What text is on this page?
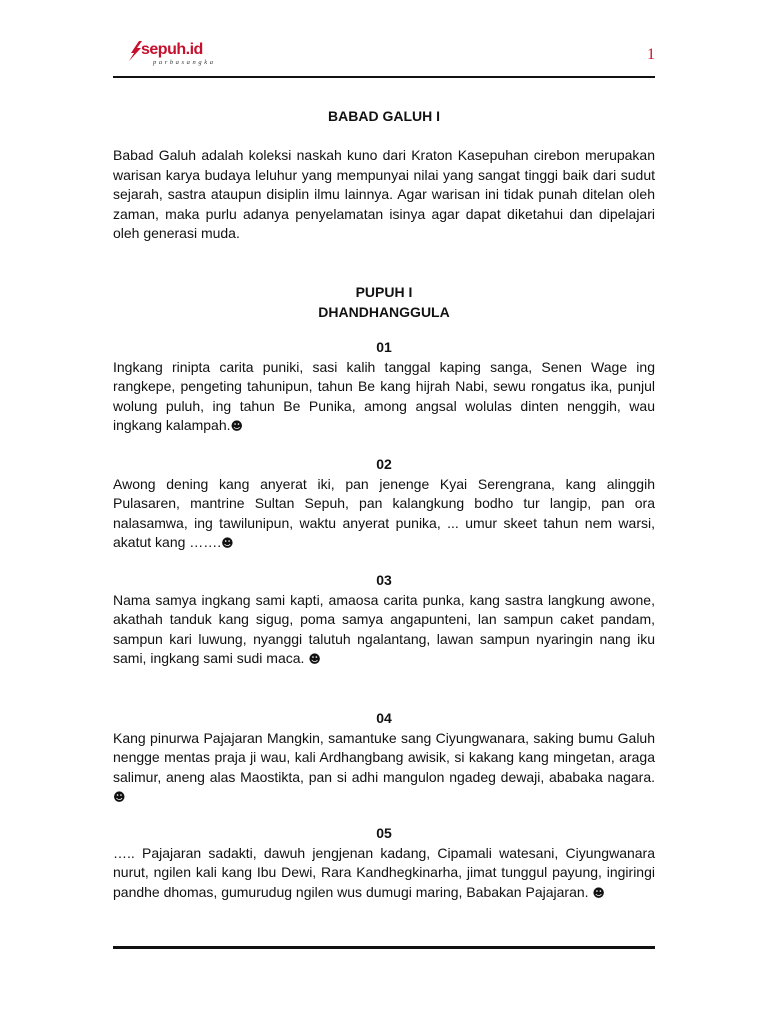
sepuh.id
parbasangka	1
BABAD GALUH I
Babad Galuh adalah koleksi naskah kuno dari Kraton Kasepuhan cirebon merupakan warisan karya budaya leluhur yang mempunyai nilai yang sangat tinggi baik dari sudut sejarah, sastra ataupun disiplin ilmu lainnya. Agar warisan ini tidak punah ditelan oleh zaman, maka purlu adanya penyelamatan isinya agar dapat diketahui dan dipelajari oleh generasi muda.
PUPUH I
DHANDHANGGULA
01
Ingkang rinipta carita puniki, sasi kalih tanggal kaping sanga, Senen Wage ing rangkepe, pengeting tahunipun, tahun Be kang hijrah Nabi, sewu rongatus ika, punjul wolung puluh, ing tahun Be Punika, among angsal wolulas dinten nenggih, wau ingkang kalampah.☻
02
Awong dening kang anyerat iki, pan jenenge Kyai Serengrana, kang alinggih Pulasaren, mantrine Sultan Sepuh, pan kalangkung bodho tur langip, pan ora nalasamwa, ing tawilunipun, waktu anyerat punika, ... umur skeet tahun nem warsi, akatut kang …….☻
03
Nama samya ingkang sami kapti, amaosa carita punka, kang sastra langkung awone, akathah tanduk kang sigug, poma samya angapunteni, lan sampun caket pandam, sampun kari luwung, nyanggi talutuh ngalantang, lawan sampun nyaringin nang iku sami, ingkang sami sudi maca. ☻
04
Kang pinurwa Pajajaran Mangkin, samantuke sang Ciyungwanara, saking bumu Galuh nengge mentas praja ji wau, kali Ardhangbang awisik, si kakang kang mingetan, araga salimur, aneng alas Maostikta, pan si adhi mangulon ngadeg dewaji, ababaka nagara. ☻
05
….. Pajajaran sadakti, dawuh jengjenan kadang, Cipamali watesani, Ciyungwanara nurut, ngilen kali kang Ibu Dewi, Rara Kandhegkinarha, jimat tunggul payung, ingiringi pandhe dhomas, gumurudug ngilen wus dumugi maring, Babakan Pajajaran. ☻
